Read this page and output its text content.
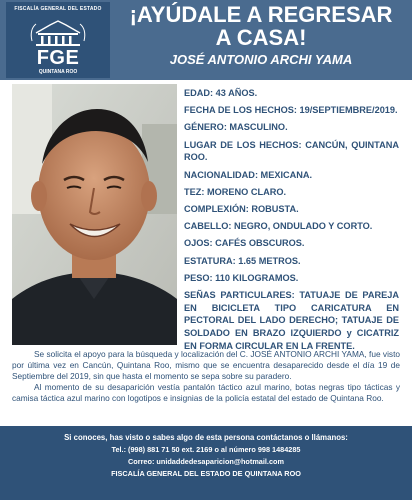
FISCALÍA GENERAL DEL ESTADO
FGE
QUINTANA ROO
¡AYÚDALE A REGRESAR
A CASA!
JOSÉ ANTONIO ARCHI YAMA
EDAD: 43 AÑOS.
FECHA DE LOS HECHOS: 19/SEPTIEMBRE/2019.
GÉNERO: MASCULINO.
LUGAR DE LOS HECHOS: CANCÚN, QUINTANA ROO.
NACIONALIDAD: MEXICANA.
TEZ: MORENO CLARO.
COMPLEXIÓN: ROBUSTA.
CABELLO: NEGRO, ONDULADO Y CORTO.
OJOS: CAFÉS OBSCUROS.
ESTATURA: 1.65 METROS.
PESO: 110 KILOGRAMOS.
SEÑAS PARTICULARES: TATUAJE DE PAREJA EN BICICLETA TIPO CARICATURA EN PECTORAL DEL LADO DERECHO; TATUAJE DE SOLDADO EN BRAZO IZQUIERDO y CICATRIZ EN FORMA CIRCULAR EN LA FRENTE.

Se solicita el apoyo para la búsqueda y localización del C. JOSÉ ANTONIO ARCHI YAMA, fue visto por última vez en Cancún, Quintana Roo, mismo que se encuentra desaparecido desde el día 19 de Septiembre del 2019, sin que hasta el momento se sepa sobre su paradero.

Al momento de su desaparición vestía pantalón táctico azul marino, botas negras tipo tácticas y camisa táctica azul marino con logotipos e insignias de la policía estatal del estado de Quintana Roo.

Si conoces, has visto o sabes algo de esta persona contáctanos o llámanos:
Tel.: (998) 881 71 50 ext. 2169 o al número 998 1484285
Correo: unidaddedesaparicion@hotmail.com
FISCALÍA GENERAL DEL ESTADO DE QUINTANA ROO
